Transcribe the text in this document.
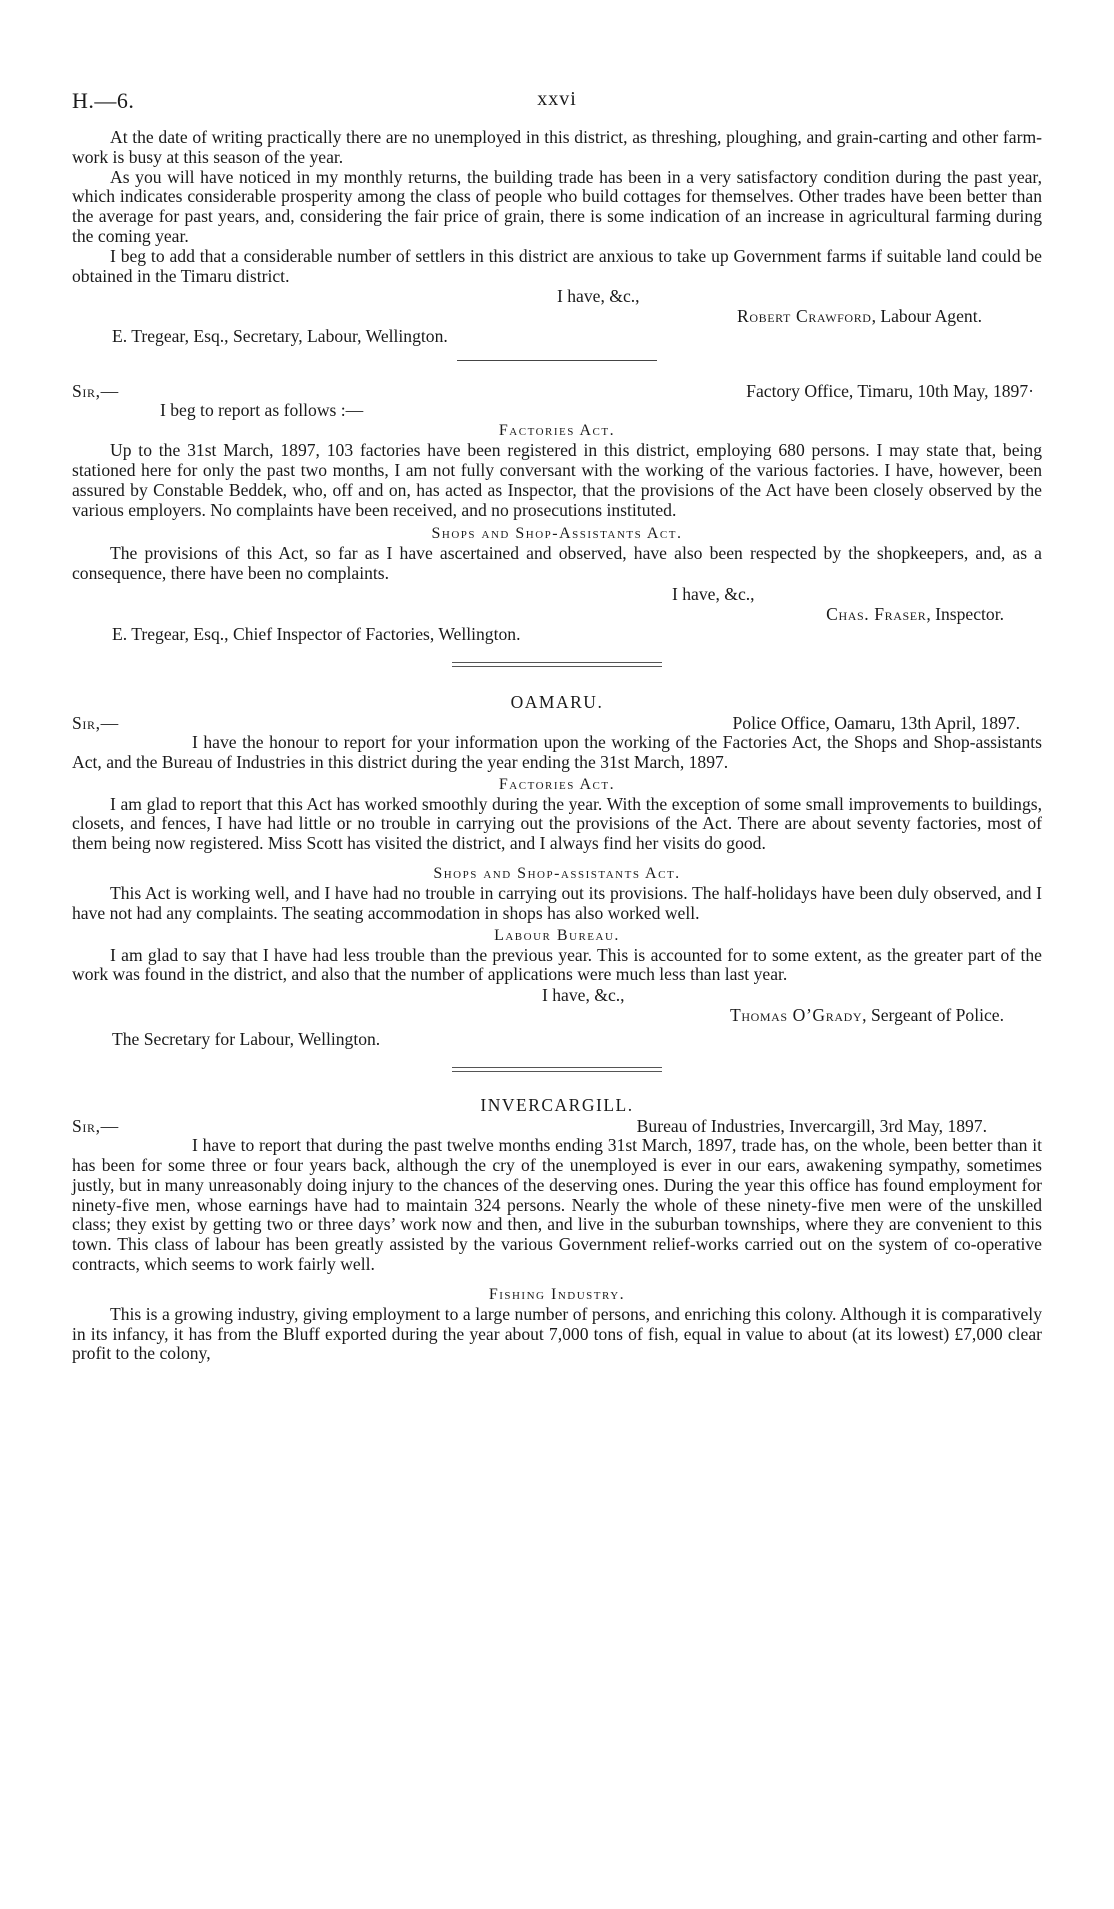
H.—6.	xxvi

At the date of writing practically there are no unemployed in this district, as threshing, ploughing, and grain-carting and other farm-work is busy at this season of the year.

As you will have noticed in my monthly returns, the building trade has been in a very satisfactory condition during the past year, which indicates considerable prosperity among the class of people who build cottages for themselves. Other trades have been better than the average for past years, and, considering the fair price of grain, there is some indication of an increase in agricultural farming during the coming year.

I beg to add that a considerable number of settlers in this district are anxious to take up Government farms if suitable land could be obtained in the Timaru district.

I have, &c.,
Robert Crawford, Labour Agent.
E. Tregear, Esq., Secretary, Labour, Wellington.
Sir,—	Factory Office, Timaru, 10th May, 1897·

I beg to report as follows :—

Factories Act.

Up to the 31st March, 1897, 103 factories have been registered in this district, employing 680 persons. I may state that, being stationed here for only the past two months, I am not fully conversant with the working of the various factories. I have, however, been assured by Constable Beddek, who, off and on, has acted as Inspector, that the provisions of the Act have been closely observed by the various employers. No complaints have been received, and no prosecutions instituted.

Shops and Shop-Assistants Act.

The provisions of this Act, so far as I have ascertained and observed, have also been respected by the shopkeepers, and, as a consequence, there have been no complaints.

I have, &c.,
Chas. Fraser, Inspector.
E. Tregear, Esq., Chief Inspector of Factories, Wellington.
OAMARU.
Sir,—	Police Office, Oamaru, 13th April, 1897.

I have the honour to report for your information upon the working of the Factories Act, the Shops and Shop-assistants Act, and the Bureau of Industries in this district during the year ending the 31st March, 1897.

Factories Act.

I am glad to report that this Act has worked smoothly during the year. With the exception of some small improvements to buildings, closets, and fences, I have had little or no trouble in carrying out the provisions of the Act. There are about seventy factories, most of them being now registered. Miss Scott has visited the district, and I always find her visits do good.

Shops and Shop-assistants Act.

This Act is working well, and I have had no trouble in carrying out its provisions. The half-holidays have been duly observed, and I have not had any complaints. The seating accommodation in shops has also worked well.

Labour Bureau.

I am glad to say that I have had less trouble than the previous year. This is accounted for to some extent, as the greater part of the work was found in the district, and also that the number of applications were much less than last year.

I have, &c.,
Thomas O’Grady, Sergeant of Police.
The Secretary for Labour, Wellington.
INVERCARGILL.
Sir,—	Bureau of Industries, Invercargill, 3rd May, 1897.

I have to report that during the past twelve months ending 31st March, 1897, trade has, on the whole, been better than it has been for some three or four years back, although the cry of the unemployed is ever in our ears, awakening sympathy, sometimes justly, but in many unreasonably doing injury to the chances of the deserving ones. During the year this office has found employment for ninety-five men, whose earnings have had to maintain 324 persons. Nearly the whole of these ninety-five men were of the unskilled class; they exist by getting two or three days’ work now and then, and live in the suburban townships, where they are convenient to this town. This class of labour has been greatly assisted by the various Government relief-works carried out on the system of co-operative contracts, which seems to work fairly well.

Fishing Industry.

This is a growing industry, giving employment to a large number of persons, and enriching this colony. Although it is comparatively in its infancy, it has from the Bluff exported during the year about 7,000 tons of fish, equal in value to about (at its lowest) £7,000 clear profit to the colony,
